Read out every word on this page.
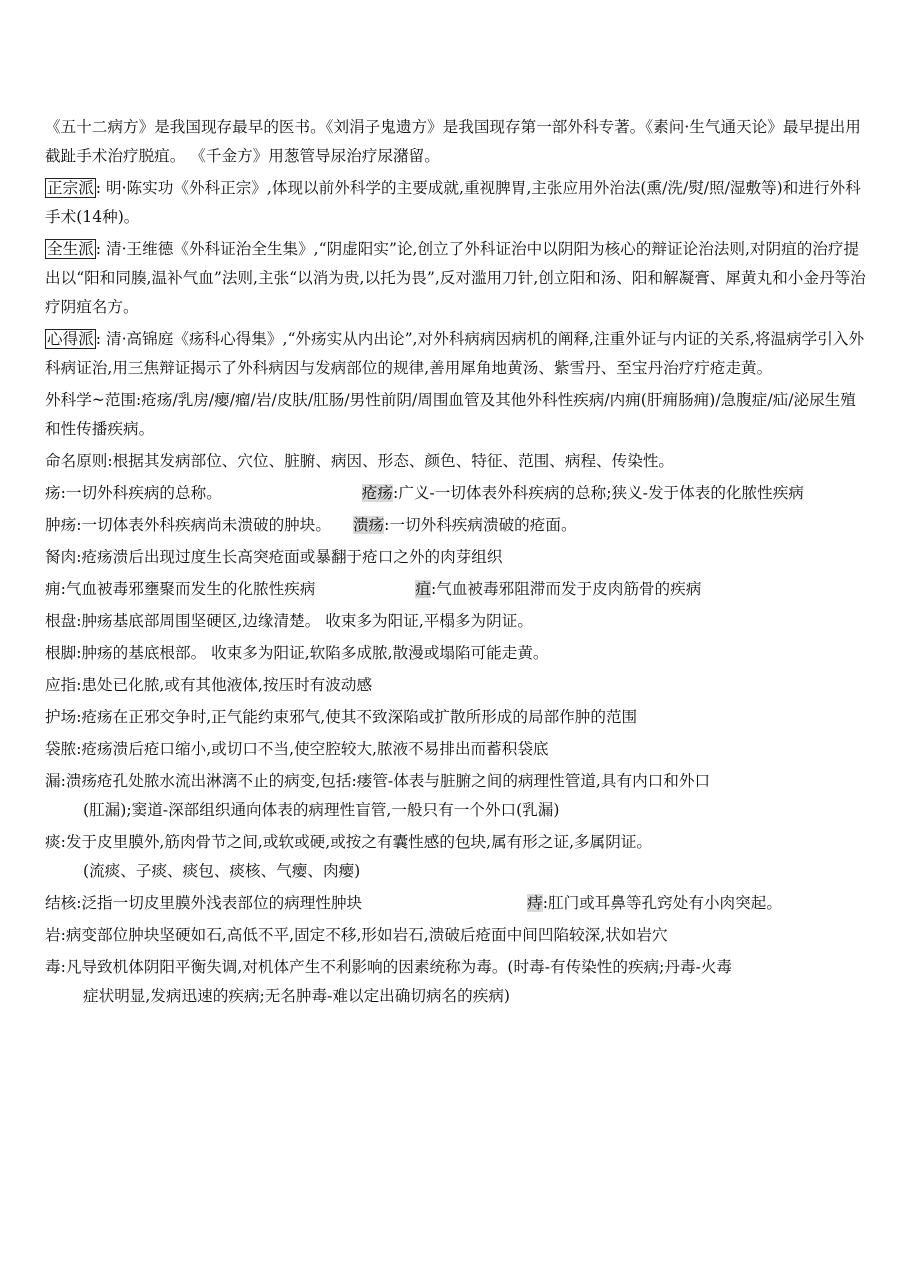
《五十二病方》是我国现存最早的医书。《刘涓子鬼遗方》是我国现存第一部外科专著。《素问·生气通天论》最早提出用截趾手术治疗脱疽。 《千金方》用葱管导尿治疗尿潴留。

正宗派 : 明·陈实功《外科正宗》,体现以前外科学的主要成就,重视脾胃,主张应用外治法(熏/洗/熨/照/湿敷等)和进行外科手术(14种)。

全生派 : 清·王维德《外科证治全生集》,“阴虚阳实”论,创立了外科证治中以阴阳为核心的辩证论治法则,对阴疽的治疗提出以“阳和同腠,温补气血”法则,主张“以消为贵,以托为畏”,反对滥用刀针,创立阳和汤、阳和解凝膏、犀黄丸和小金丹等治疗阴疽名方。

心得派 : 清·高锦庭《疡科心得集》,“外疡实从内出论”,对外科病病因病机的阐释,注重外证与内证的关系,将温病学引入外科病证治,用三焦辩证揭示了外科病因与发病部位的规律,善用犀角地黄汤、紫雪丹、至宝丹治疗疔疮走黄。

外科学~范围:疮疡/乳房/瘿/瘤/岩/皮肤/肛肠/男性前阴/周围血管及其他外科性疾病/内痈(肝痈肠痈)/急腹症/疝/泌尿生殖和性传播疾病。

命名原则:根据其发病部位、穴位、脏腑、病因、形态、颜色、特征、范围、病程、传染性。

疡:一切外科疾病的总称。	疮疡:广义-一切体表外科疾病的总称;狭义-发于体表的化脓性疾病

肿疡:一切体表外科疾病尚未溃破的肿块。 溃疡:一切外科疾病溃破的疮面。

胬肉:疮疡溃后出现过度生长高突疮面或暴翻于疮口之外的肉芽组织

痈:气血被毒邪壅聚而发生的化脓性疾病	疽:气血被毒邪阻滞而发于皮肉筋骨的疾病

根盘:肿疡基底部周围坚硬区,边缘清楚。 收束多为阳证,平榻多为阴证。

根脚:肿疡的基底根部。 收束多为阳证,软陷多成脓,散漫或塌陷可能走黄。

应指:患处已化脓,或有其他液体,按压时有波动感

护场:疮疡在正邪交争时,正气能约束邪气,使其不致深陷或扩散所形成的局部作肿的范围

袋脓:疮疡溃后疮口缩小,或切口不当,使空腔较大,脓液不易排出而蓄积袋底

漏:溃疡疮孔处脓水流出淋漓不止的病变,包括:瘘管-体表与脏腑之间的病理性管道,具有内口和外口
(肛漏);窦道-深部组织通向体表的病理性盲管,一般只有一个外口(乳漏)

痰:发于皮里膜外,筋肉骨节之间,或软或硬,或按之有囊性感的包块,属有形之证,多属阴证。
(流痰、子痰、痰包、痰核、气瘿、肉瘿)

结核:泛指一切皮里膜外浅表部位的病理性肿块	痔:肛门或耳鼻等孔窍处有小肉突起。

岩:病变部位肿块坚硬如石,高低不平,固定不移,形如岩石,溃破后疮面中间凹陷较深,状如岩穴

毒:凡导致机体阴阳平衡失调,对机体产生不利影响的因素统称为毒。(时毒-有传染性的疾病;丹毒-火毒
症状明显,发病迅速的疾病;无名肿毒-难以定出确切病名的疾病)
